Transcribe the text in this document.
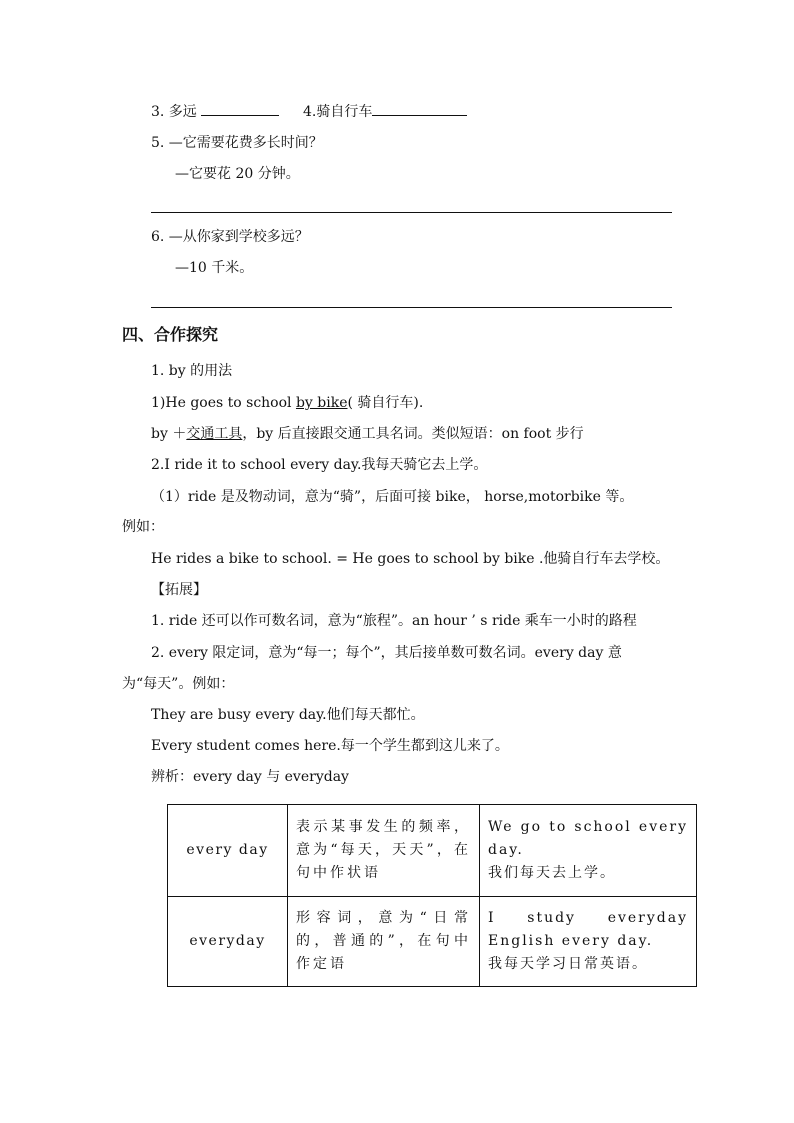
3. 多远	4.骑自行车
5. —它需要花费多长时间？
—它要花 20 分钟。
6. —从你家到学校多远？
—10 千米。
四、合作探究
1. by 的用法
1)He goes to school by bike( 骑自行车).
by ＋交通工具，by 后直接跟交通工具名词。类似短语：on foot 步行
2.I ride it to school every day.我每天骑它去上学。
（1）ride 是及物动词，意为“骑”，后面可接 bike， horse,motorbike 等。
例如：
He rides a bike to school. = He goes to school by bike .他骑自行车去学校。
【拓展】
1. ride 还可以作可数名词，意为“旅程”。an hour ’ s ride 乘车一小时的路程
2. every 限定词，意为“每一；每个”，其后接单数可数名词。every day 意
为“每天”。例如：
They are busy every day.他们每天都忙。
Every student comes here.每一个学生都到这儿来了。
辨析：every day 与 everyday
every day	表示某事发生的频率，意为“每天，天天”，在句中作状语	We go to school every day.
我们每天去上学。

everyday	形容词，意为“日常的，普通的”，在句中作定语	I study everyday English every day.
我每天学习日常英语。
